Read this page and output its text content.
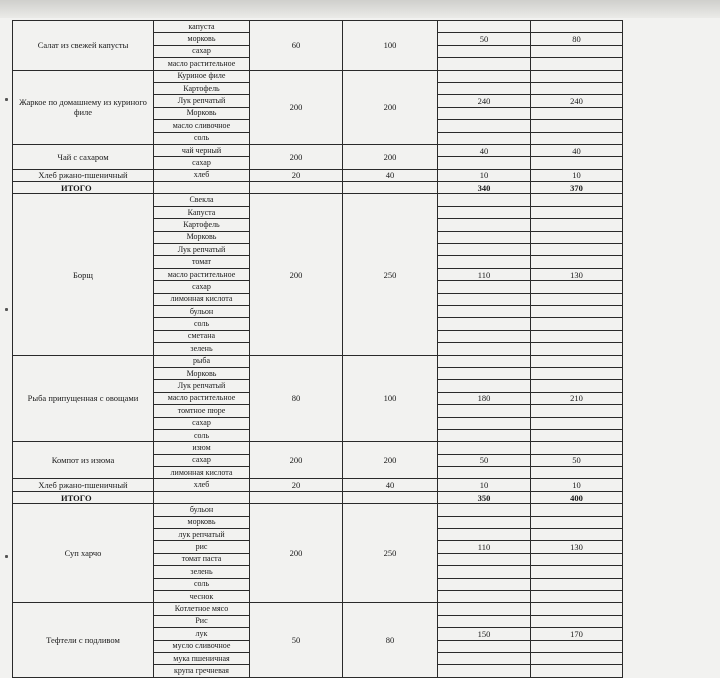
Салат из свежей капусты	капуста	60	100		
	морковь			50	80
	сахар				
	масло растительное				
Жаркое по домашнему из куриного филе	Куриное филе	200	200		
	Картофель				
	Лук репчатый			240	240
	Морковь				
	масло сливочное				
	соль				
Чай с сахаром	чай черный	200	200	40	40
	сахар				
Хлеб ржано-пшеничный	хлеб	20	40	10	10
ИТОГО				340	370
Борщ	Свекла	200	250		
	Капуста				
	Картофель				
	Морковь				
	Лук репчатый				
	томат				
	масло растительное			110	130
	сахар				
	лимонная кислота				
	бульон				
	соль				
	сметана				
	зелень				
Рыба припущенная с овощами	рыба	80	100		
	Морковь				
	Лук репчатый				
	масло растительное			180	210
	томтное пюре				
	сахар				
	соль				
Компот из изюма	изюм	200	200		
	сахар			50	50
	лимонная кислота				
Хлеб ржано-пшеничный	хлеб	20	40	10	10
ИТОГО				350	400
Суп харчо	бульон	200	250		
	морковь				
	лук репчатый				
	рис			110	130
	томат паста				
	зелень				
	соль				
	чеснок				
Тефтели с подливом	Котлетное мясо	50	80		
	Рис				
	лук			150	170
	мусло сливочное				
	мука пшеничная				
	крупа гречневая				
